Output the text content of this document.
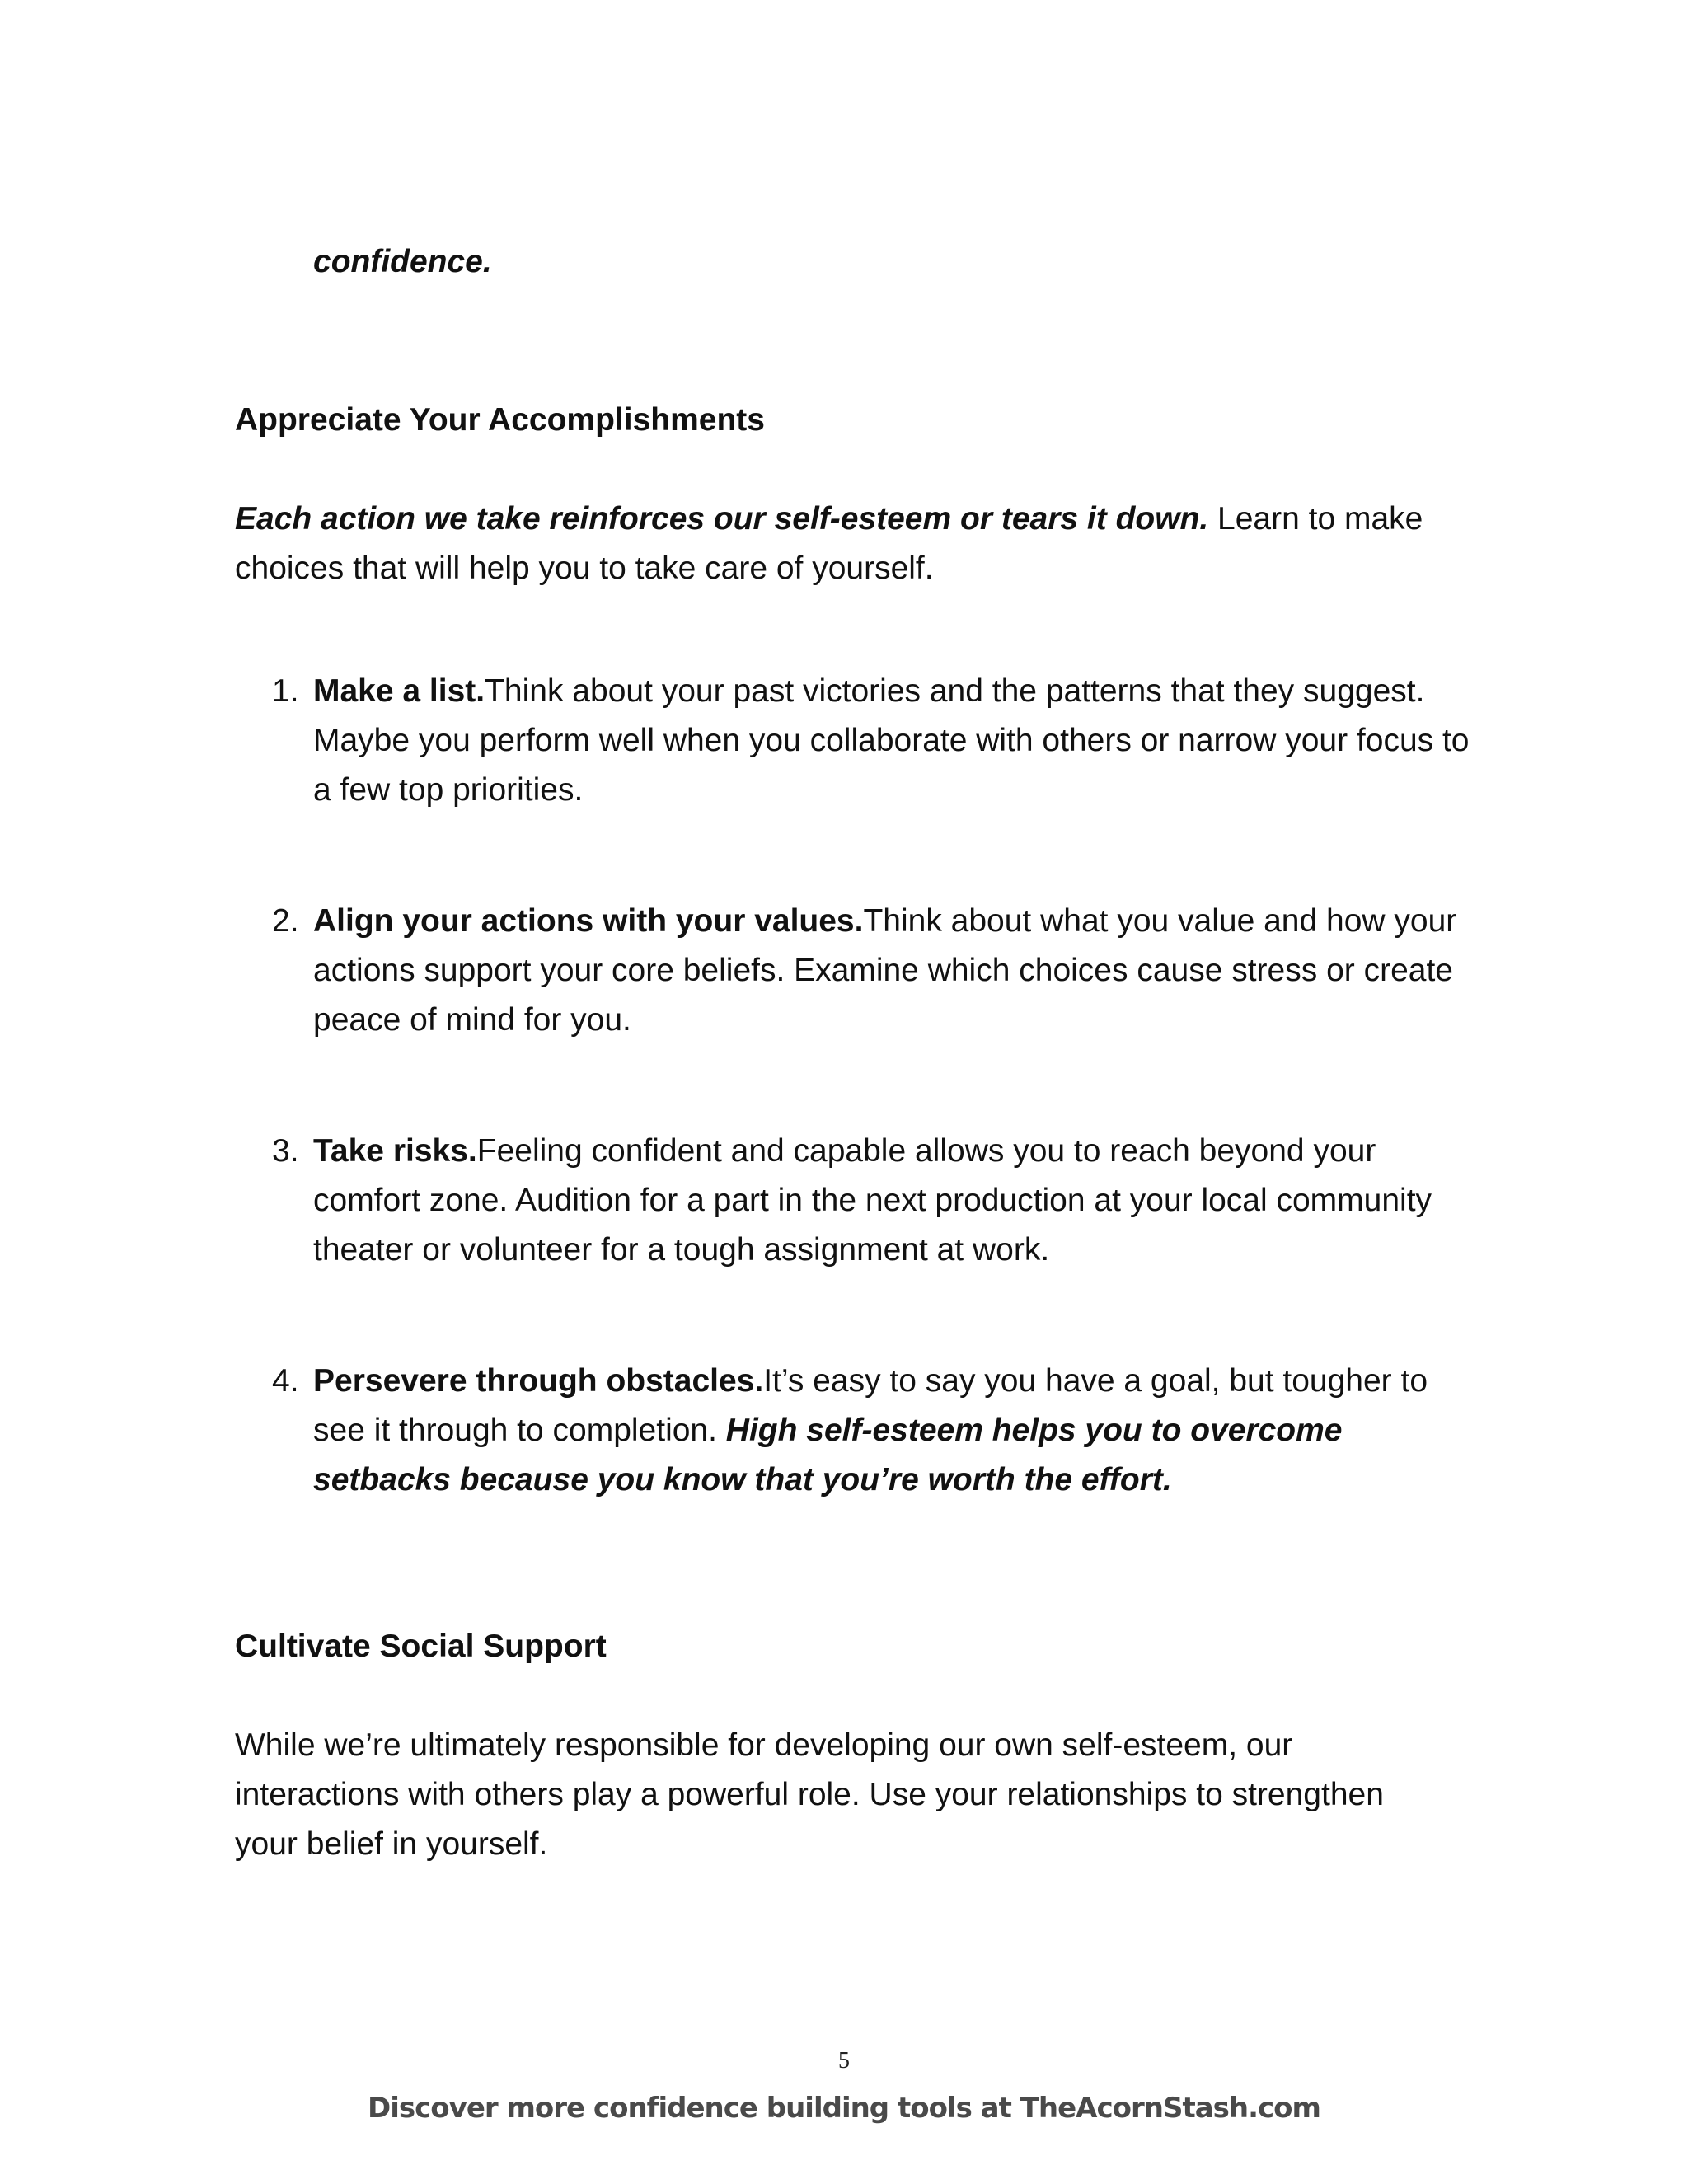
confidence.
Appreciate Your Accomplishments
Each action we take reinforces our self-esteem or tears it down. Learn to make choices that will help you to take care of yourself.
1. Make a list.Think about your past victories and the patterns that they suggest. Maybe you perform well when you collaborate with others or narrow your focus to a few top priorities.
2. Align your actions with your values.Think about what you value and how your actions support your core beliefs. Examine which choices cause stress or create peace of mind for you.
3. Take risks.Feeling confident and capable allows you to reach beyond your comfort zone. Audition for a part in the next production at your local community theater or volunteer for a tough assignment at work.
4. Persevere through obstacles.It’s easy to say you have a goal, but tougher to see it through to completion. High self-esteem helps you to overcome setbacks because you know that you’re worth the effort.
Cultivate Social Support
While we’re ultimately responsible for developing our own self-esteem, our interactions with others play a powerful role. Use your relationships to strengthen your belief in yourself.
5
Discover more confidence building tools at TheAcornStash.com
